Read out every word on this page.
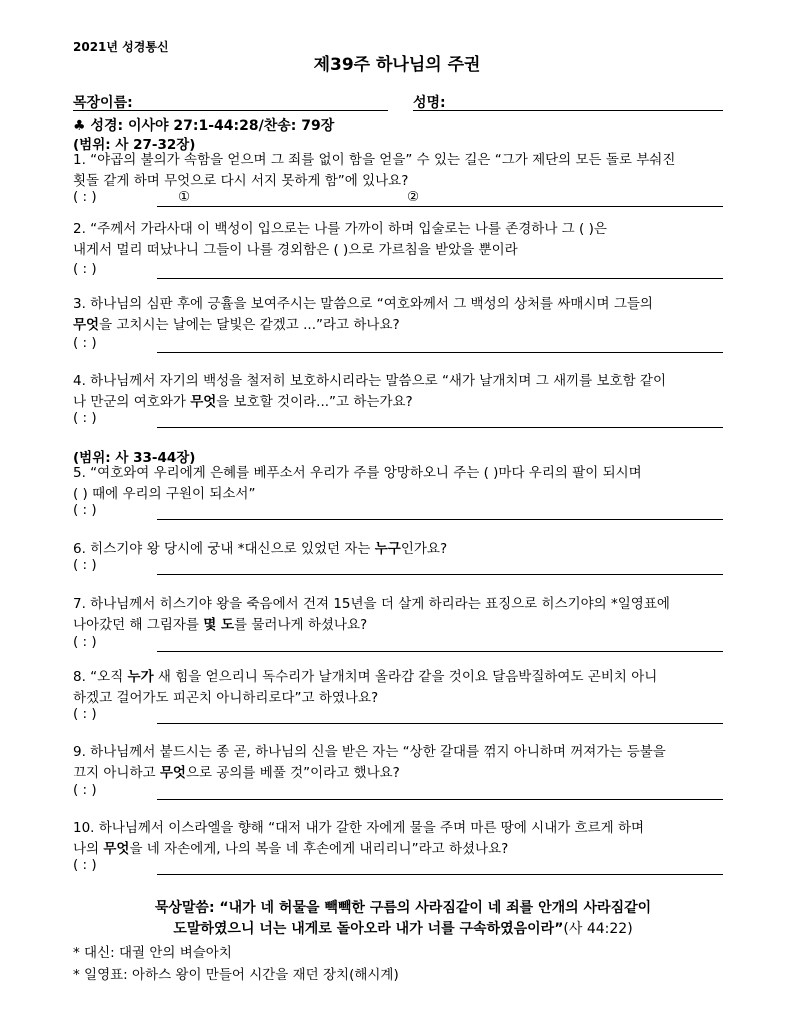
2021년 성경통신
제39주 하나님의 주권
목장이름:	성명:
♣ 성경: 이사야 27:1-44:28/찬송: 79장
(범위: 사 27-32장)
1. “야곱의 불의가 속함을 얻으며 그 죄를 없이 함을 얻을” 수 있는 길은 “그가 제단의 모든 돌로 부숴진
횟돌 같게 하며 무엇으로 다시 서지 못하게 함”에 있나요?
( : )	①	②
2. “주께서 가라사대 이 백성이 입으로는 나를 가까이 하며 입술로는 나를 존경하나 그 ( )은
내게서 멀리 떠났나니 그들이 나를 경외함은 ( )으로 가르침을 받았을 뿐이라
( : )
3. 하나님의 심판 후에 긍휼을 보여주시는 말씀으로 “여호와께서 그 백성의 상처를 싸매시며 그들의
무엇을 고치시는 날에는 달빛은 같겠고 ...”라고 하나요?
( : )
4. 하나님께서 자기의 백성을 철저히 보호하시리라는 말씀으로 “새가 날개치며 그 새끼를 보호함 같이
나 만군의 여호와가 무엇을 보호할 것이라...”고 하는가요?
( : )
(범위: 사 33-44장)
5. “여호와여 우리에게 은혜를 베푸소서 우리가 주를 앙망하오니 주는 ( )마다 우리의 팔이 되시며
( ) 때에 우리의 구원이 되소서”
( : )
6. 히스기야 왕 당시에 궁내 *대신으로 있었던 자는 누구인가요?
( : )
7. 하나님께서 히스기야 왕을 죽음에서 건져 15년을 더 살게 하리라는 표징으로 히스기야의 *일영표에
나아갔던 해 그림자를 몇 도를 물러나게 하셨나요?
( : )
8. “오직 누가 새 힘을 얻으리니 독수리가 날개치며 올라감 같을 것이요 달음박질하여도 곤비치 아니
하겠고 걸어가도 피곤치 아니하리로다”고 하였나요?
( : )
9. 하나님께서 붙드시는 종 곧, 하나님의 신을 받은 자는 “상한 갈대를 꺾지 아니하며 꺼져가는 등불을
끄지 아니하고 무엇으로 공의를 베풀 것”이라고 했나요?
( : )
10. 하나님께서 이스라엘을 향해 “대저 내가 갈한 자에게 물을 주며 마른 땅에 시내가 흐르게 하며
나의 무엇을 네 자손에게, 나의 복을 네 후손에게 내리리니”라고 하셨나요?
( : )
묵상말씀: “내가 네 허물을 빽빽한 구름의 사라짐같이 네 죄를 안개의 사라짐같이
도말하였으니 너는 내게로 돌아오라 내가 너를 구속하였음이라”(사 44:22)
* 대신: 대궐 안의 벼슬아치
* 일영표: 아하스 왕이 만들어 시간을 재던 장치(해시계)
